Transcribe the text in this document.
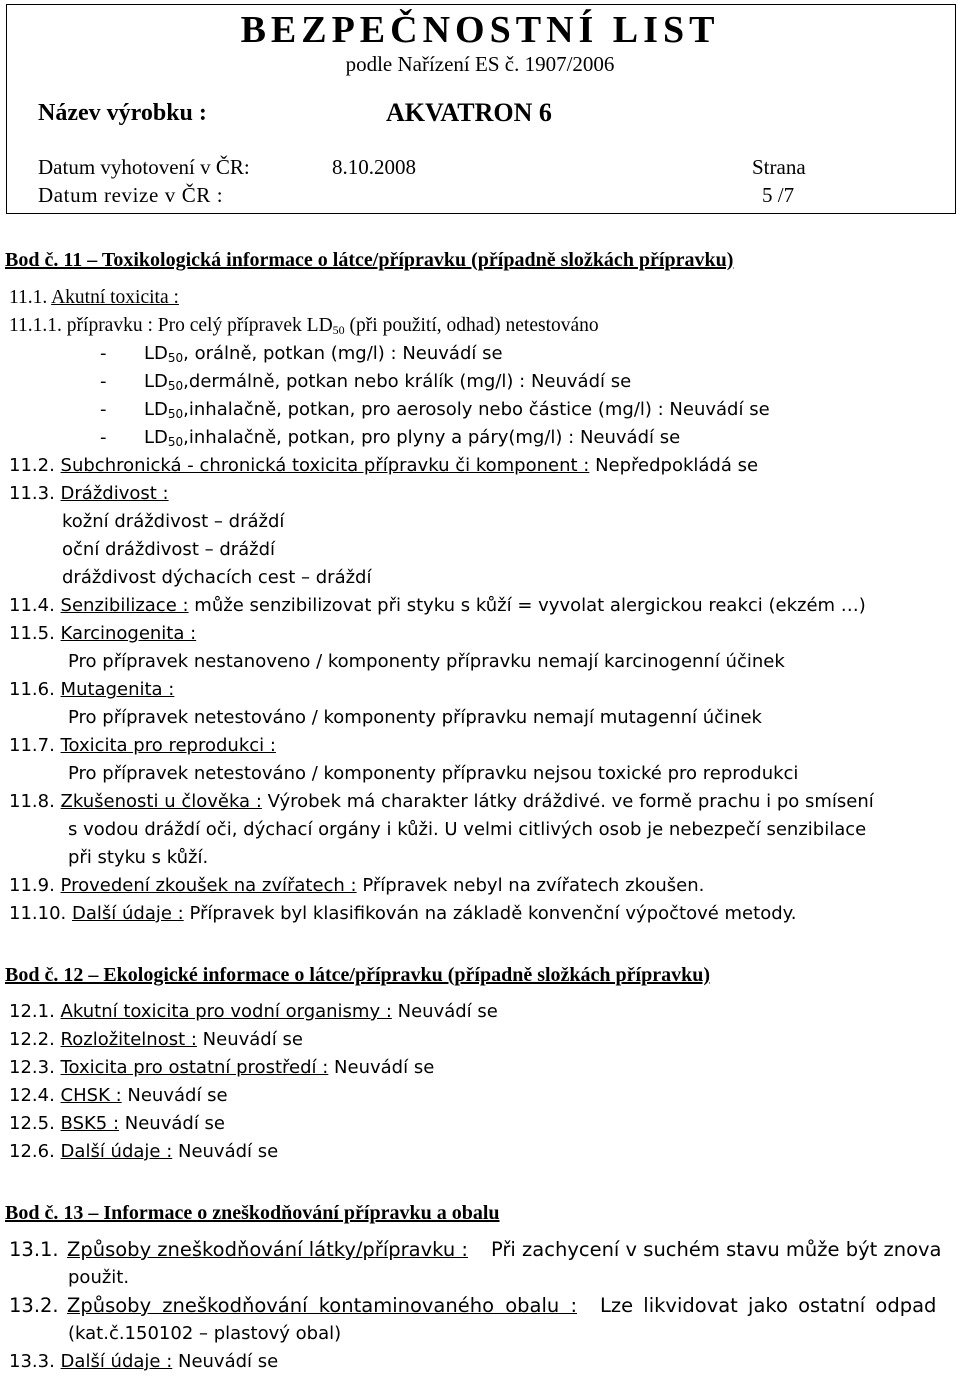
BEZPEČNOSTNÍ LIST
podle Nařízení ES č. 1907/2006
Název výrobku :	AKVATRON 6
Datum vyhotovení v ČR:	8.10.2008
Datum revize v ČR :
Strana
5 /7
Bod č. 11 – Toxikologická informace o látce/přípravku (případně složkách přípravku)
11.1. Akutní toxicita :
11.1.1. přípravku : Pro celý přípravek $LD_{50}$ (při použití, odhad) netestováno
- $LD_{50}$, orálně, potkan (mg/l) : Neuvádí se
- $LD_{50},dermá\ln ě$, potkan nebo králík (mg/l) : Neuvádí se
- $LD_{50},inhalačně$, potkan, pro aerosoly nebo částice (mg/l) : Neuvádí se
- $LD_{50},inhalačně$, potkan, pro plyny a páry(mg/l) : Neuvádí se
11.2. Subchronická - chronická toxicita přípravku či komponent : Nepředpokládá se
11.3. Dráždivost :
kožní dráždivost – dráždí
oční dráždivost – dráždí
dráždivost dýchacích cest – dráždí
11.4. Senzibilizace : může senzibilizovat při styku s kůží = vyvolat alergickou reakci (ekzém …)
11.5. Karcinogenita :
Pro přípravek nestanoveno / komponenty přípravku nemají karcinogenní účinek
11.6. Mutagenita :
Pro přípravek netestováno / komponenty přípravku nemají mutagenní účinek
11.7. Toxicita pro reprodukci :
Pro přípravek netestováno / komponenty přípravku nejsou toxické pro reprodukci
11.8. Zkušenosti u člověka : Výrobek má charakter látky dráždivé. ve formě prachu i po smísení
s vodou dráždí oči, dýchací orgány i kůži. U velmi citlivých osob je nebezpečí senzibilace
při styku s kůží.
11.9. Provedení zkoušek na zvířatech : Přípravek nebyl na zvířatech zkoušen.
11.10. Další údaje : Přípravek byl klasifikován na základě konvenční výpočtové metody.
Bod č. 12 – Ekologické informace o látce/přípravku (případně složkách přípravku)
12.1. Akutní toxicita pro vodní organismy : Neuvádí se
12.2. Rozložitelnost : Neuvádí se
12.3. Toxicita pro ostatní prostředí : Neuvádí se
12.4. CHSK : Neuvádí se
12.5. BSK5 : Neuvádí se
12.6. Další údaje : Neuvádí se
Bod č. 13 – Informace o zneškodňování přípravku a obalu
13.1. Způsoby zneškodňování látky/přípravku : Při zachycení v suchém stavu může být znova
použit.
13.2. Způsoby zneškodňování kontaminovaného obalu : Lze likvidovat jako ostatní odpad
(kat.č.150102 – plastový obal)
13.3. Další údaje : Neuvádí se
